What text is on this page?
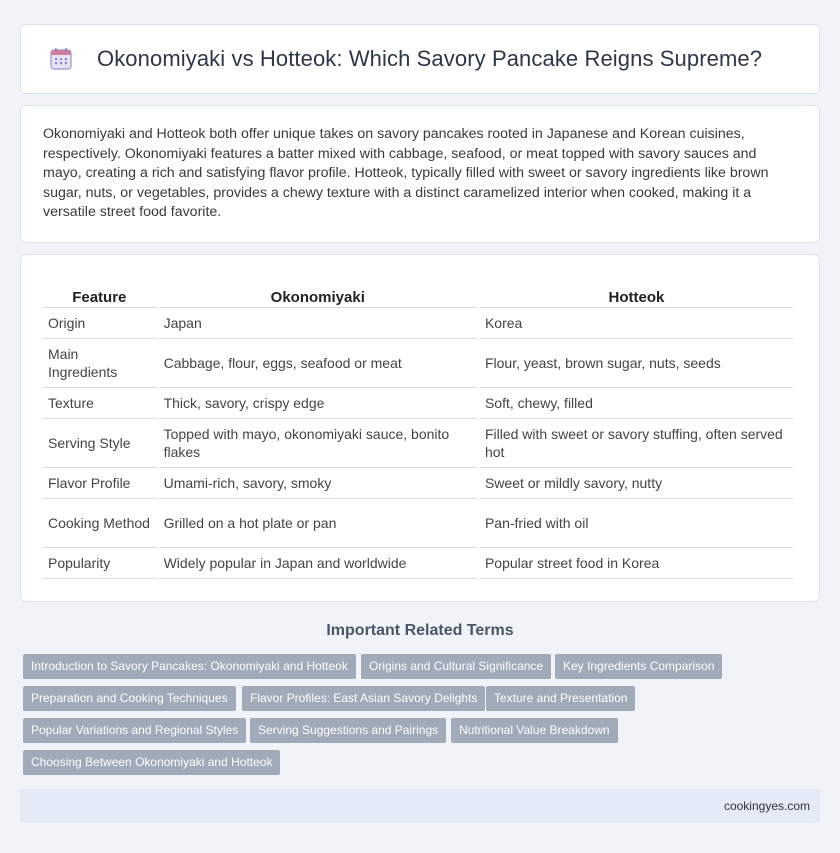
Okonomiyaki vs Hotteok: Which Savory Pancake Reigns Supreme?

Okonomiyaki and Hotteok both offer unique takes on savory pancakes rooted in Japanese and Korean cuisines, respectively. Okonomiyaki features a batter mixed with cabbage, seafood, or meat topped with savory sauces and mayo, creating a rich and satisfying flavor profile. Hotteok, typically filled with sweet or savory ingredients like brown sugar, nuts, or vegetables, provides a chewy texture with a distinct caramelized interior when cooked, making it a versatile street food favorite.

Feature	Okonomiyaki	Hotteok
Origin	Japan	Korea
Main Ingredients	Cabbage, flour, eggs, seafood or meat	Flour, yeast, brown sugar, nuts, seeds
Texture	Thick, savory, crispy edge	Soft, chewy, filled
Serving Style	Topped with mayo, okonomiyaki sauce, bonito flakes	Filled with sweet or savory stuffing, often served hot
Flavor Profile	Umami-rich, savory, smoky	Sweet or mildly savory, nutty
Cooking Method	Grilled on a hot plate or pan	Pan-fried with oil
Popularity	Widely popular in Japan and worldwide	Popular street food in Korea
Important Related Terms
Introduction to Savory Pancakes: Okonomiyaki and Hotteok	Origins and Cultural Significance	Key Ingredients Comparison
Preparation and Cooking Techniques	Flavor Profiles: East Asian Savory Delights	Texture and Presentation
Popular Variations and Regional Styles	Serving Suggestions and Pairings	Nutritional Value Breakdown
Choosing Between Okonomiyaki and Hotteok
cookingyes.com
